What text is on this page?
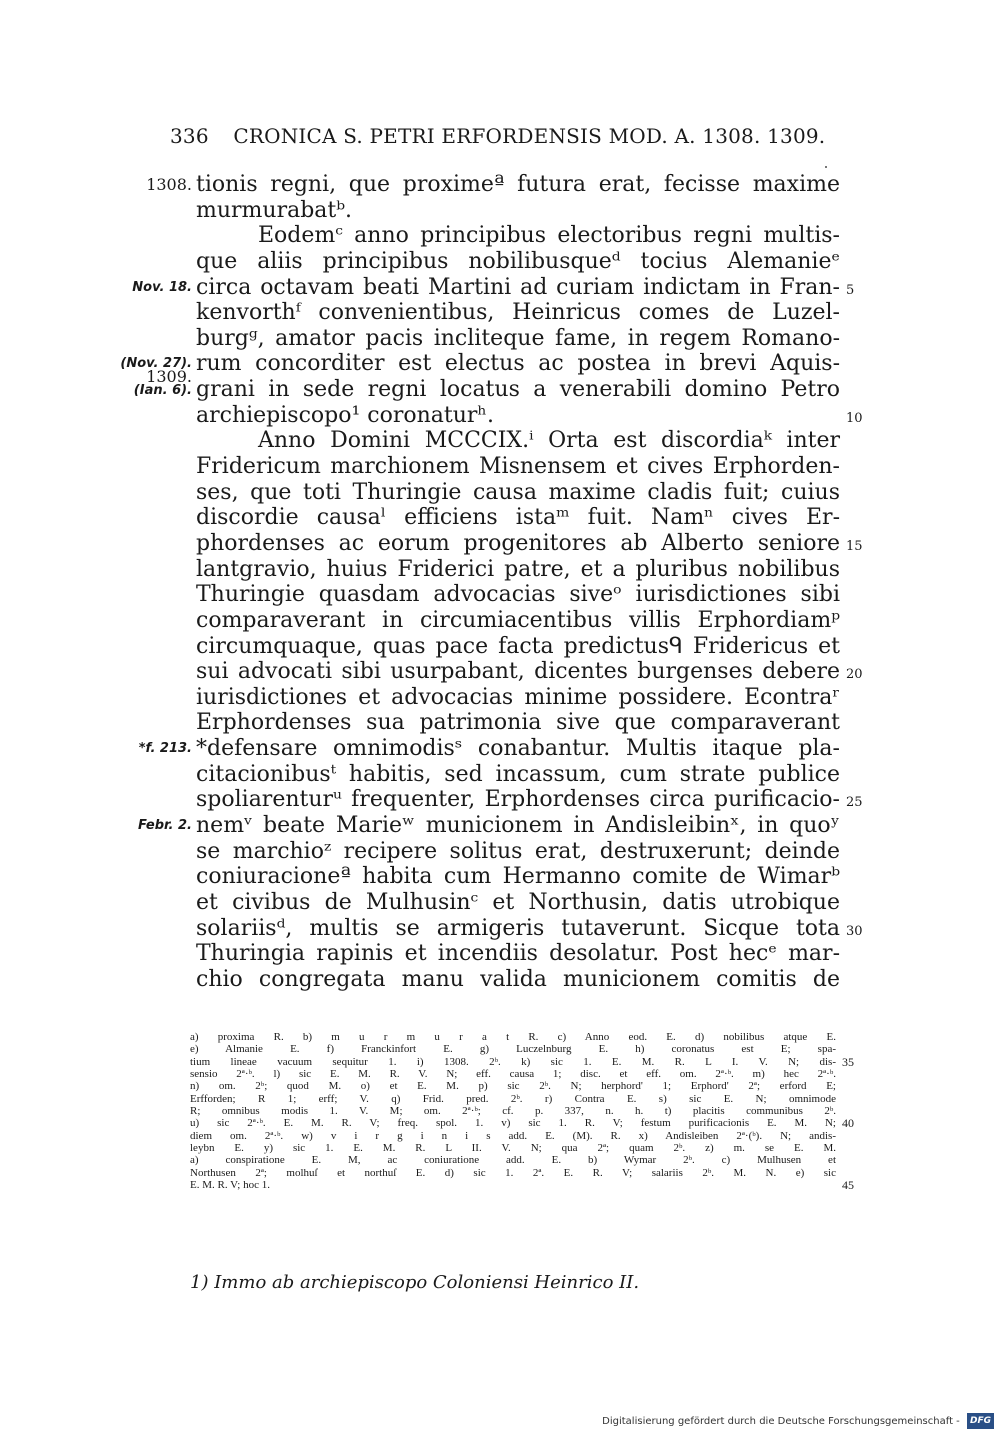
336 CRONICA S. PETRI ERFORDENSIS MOD. A. 1308. 1309.
tionis regni, que proximeª futura erat, fecisse maxime
1308.
murmurabatᵇ.
Eodemᶜ anno principibus electoribus regni multis-
que aliis principibus nobilibusqueᵈ tocius Alemanieᵉ
circa octavam beati Martini ad curiam indictam in Fran-
Nov. 18.	5
kenvorthᶠ convenientibus, Heinricus comes de Luzel-
burgᵍ, amator pacis incliteque fame, in regem Romano-
rum concorditer est electus ac postea in brevi Aquis-
(Nov. 27).
grani in sede regni locatus a venerabili domino Petro
1309.
(Ian. 6).
archiepiscopo¹ coronaturʰ.	10
Anno Domini MCCCIX.ⁱ Orta est discordiaᵏ inter
Fridericum marchionem Misnensem et cives Erphorden-
ses, que toti Thuringie causa maxime cladis fuit; cuius
discordie causaˡ efficiens istaᵐ fuit. Namⁿ cives Er-
phordenses ac eorum progenitores ab Alberto seniore 15
lantgravio, huius Friderici patre, et a pluribus nobilibus
Thuringie quasdam advocacias siveᵒ iurisdictiones sibi
comparaverant in circumiacentibus villis Erphordiamᵖ
circumquaque, quas pace facta predictusᑫ Fridericus et
sui advocati sibi usurpabant, dicentes burgenses debere 20
iurisdictiones et advocacias minime possidere. Econtraʳ
Erphordenses sua patrimonia sive que comparaverant
*defensare omnimodisˢ conabantur. Multis itaque pla-
*f. 213.
citacionibusᵗ habitis, sed incassum, cum strate publice
spoliarenturᵘ frequenter, Erphordenses circa purificacio- 25
nemᵛ beate Marieʷ municionem in Andisleibinˣ, in quoʸ
Febr. 2.
se marchioᶻ recipere solitus erat, destruxerunt; deinde
coniuracioneª habita cum Hermanno comite de Wimarᵇ
et civibus de Mulhusinᶜ et Northusin, datis utrobique
solariisᵈ, multis se armigeris tutaverunt. Sicque tota 30
Thuringia rapinis et incendiis desolatur. Post hecᵉ mar-
chio congregata manu valida municionem comitis de
a) proxima R. b) m u r m u r a t R. c) Anno eod. E. d) nobilibus atque E.
e) Almanie E. f) Franckinfort E. g) Luczelnburg E. h) coronatus est E; spa-
tium lineae vacuum sequitur 1. i) 1308. 2ᵇ. k) sic 1. E. M. R. L I. V. N; dis- 35
sensio 2ª·ᵇ. l) sic E. M. R. V. N; eff. causa 1; disc. et eff. om. 2ª·ᵇ. m) hec 2ª·ᵇ.
n) om. 2ᵇ; quod M. o) et E. M. p) sic 2ᵇ. N; herphord' 1; Erphord' 2ª; erford E;
Erfforden; R 1; erff; V. q) Frid. pred. 2ᵇ. r) Contra E. s) sic E. N; omnimode
R; omnibus modis 1. V. M; om. 2ª·ᵇ; cf. p. 337, n. h. t) placitis communibus 2ᵇ.
u) sic 2ª·ᵇ. E. M. R. V; freq. spol. 1. v) sic 1. R. V; festum purificacionis E. M. N; 40
diem om. 2ª·ᵇ. w) v i r g i n i s add. E. (M). R. x) Andisleiben 2ª·(ᵇ). N; andis-
leybn E. y) sic 1. E. M. R. L II. V. N; qua 2ª; quam 2ᵇ. z) m. se E. M.
a) conspiratione E. M, ac coniuratione add. E. b) Wymar 2ᵇ. c) Mulhusen et
Northusen 2ª; molhuſ et northuſ E. d) sic 1. 2ª. E. R. V; salariis 2ᵇ. M. N. e) sic
E. M. R. V; hoc 1.	45
1) Immo ab archiepiscopo Coloniensi Heinrico II.
Digitalisierung gefördert durch die Deutsche Forschungsgemeinschaft - DFG
